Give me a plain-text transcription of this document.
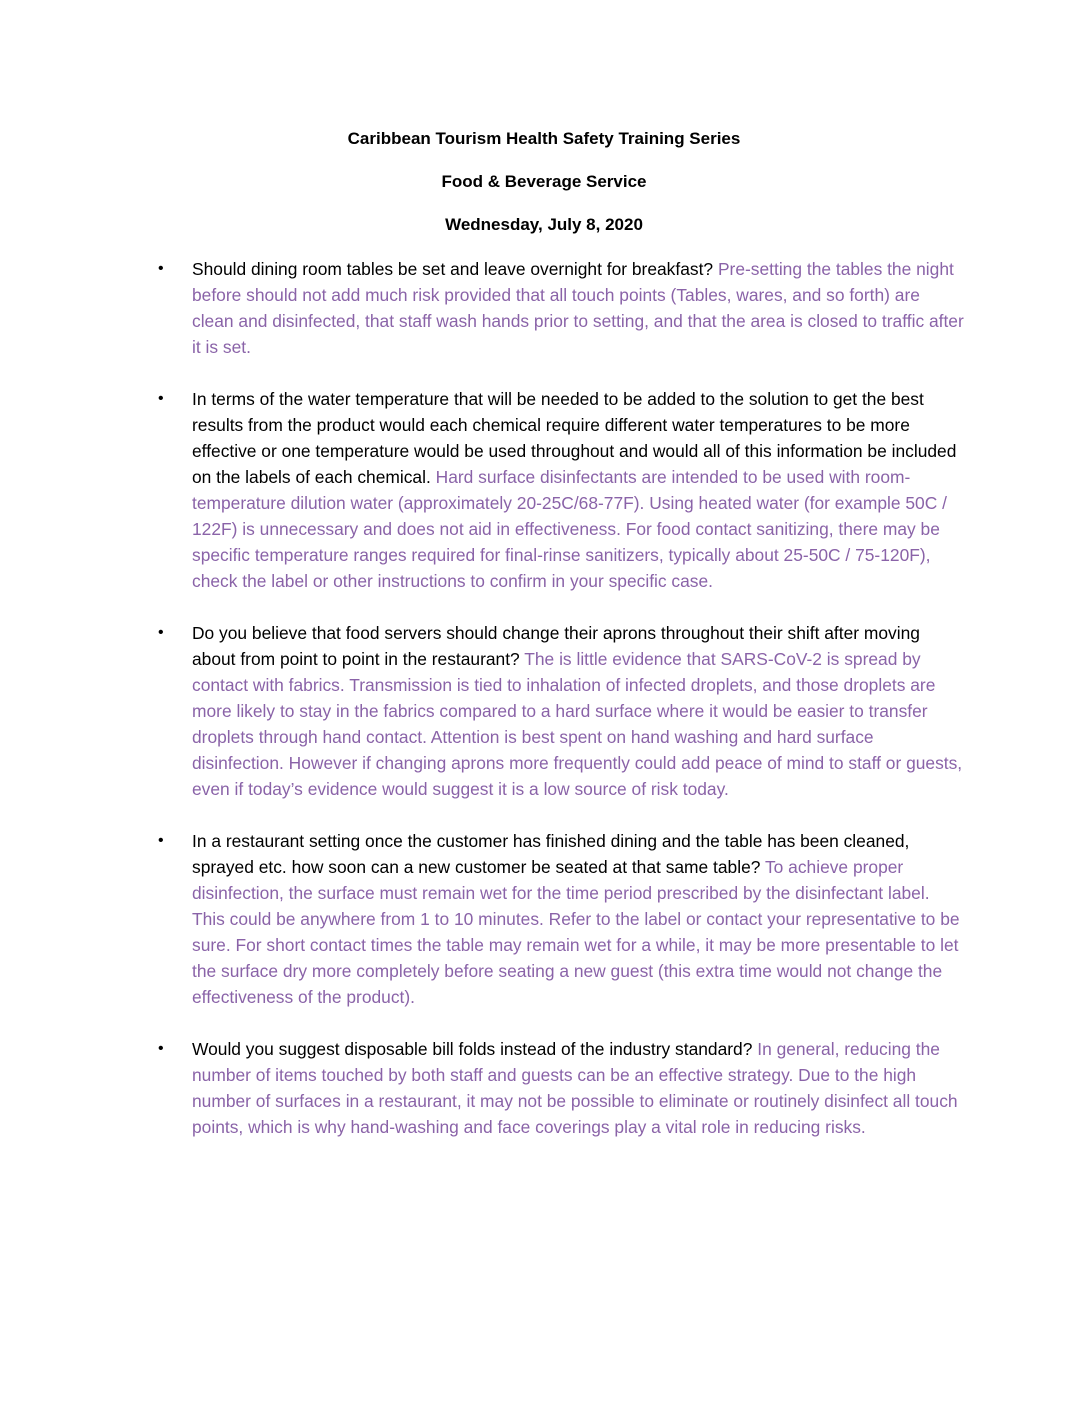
Caribbean Tourism Health Safety Training Series
Food & Beverage Service
Wednesday, July 8, 2020
•	Should dining room tables be set and leave overnight for breakfast? Pre-setting the tables the night before should not add much risk provided that all touch points (Tables, wares, and so forth) are clean and disinfected, that staff wash hands prior to setting, and that the area is closed to traffic after it is set.
•	In terms of the water temperature that will be needed to be added to the solution to get the best results from the product would each chemical require different water temperatures to be more effective or one temperature would be used throughout and would all of this information be included on the labels of each chemical. Hard surface disinfectants are intended to be used with room-temperature dilution water (approximately 20-25C/68-77F). Using heated water (for example 50C / 122F) is unnecessary and does not aid in effectiveness. For food contact sanitizing, there may be specific temperature ranges required for final-rinse sanitizers, typically about 25-50C / 75-120F), check the label or other instructions to confirm in your specific case.
•	Do you believe that food servers should change their aprons throughout their shift after moving about from point to point in the restaurant? The is little evidence that SARS-CoV-2 is spread by contact with fabrics. Transmission is tied to inhalation of infected droplets, and those droplets are more likely to stay in the fabrics compared to a hard surface where it would be easier to transfer droplets through hand contact. Attention is best spent on hand washing and hard surface disinfection. However if changing aprons more frequently could add peace of mind to staff or guests, even if today’s evidence would suggest it is a low source of risk today.
•	In a restaurant setting once the customer has finished dining and the table has been cleaned, sprayed etc. how soon can a new customer be seated at that same table? To achieve proper disinfection, the surface must remain wet for the time period prescribed by the disinfectant label. This could be anywhere from 1 to 10 minutes. Refer to the label or contact your representative to be sure. For short contact times the table may remain wet for a while, it may be more presentable to let the surface dry more completely before seating a new guest (this extra time would not change the effectiveness of the product).
•	Would you suggest disposable bill folds instead of the industry standard? In general, reducing the number of items touched by both staff and guests can be an effective strategy. Due to the high number of surfaces in a restaurant, it may not be possible to eliminate or routinely disinfect all touch points, which is why hand-washing and face coverings play a vital role in reducing risks.
